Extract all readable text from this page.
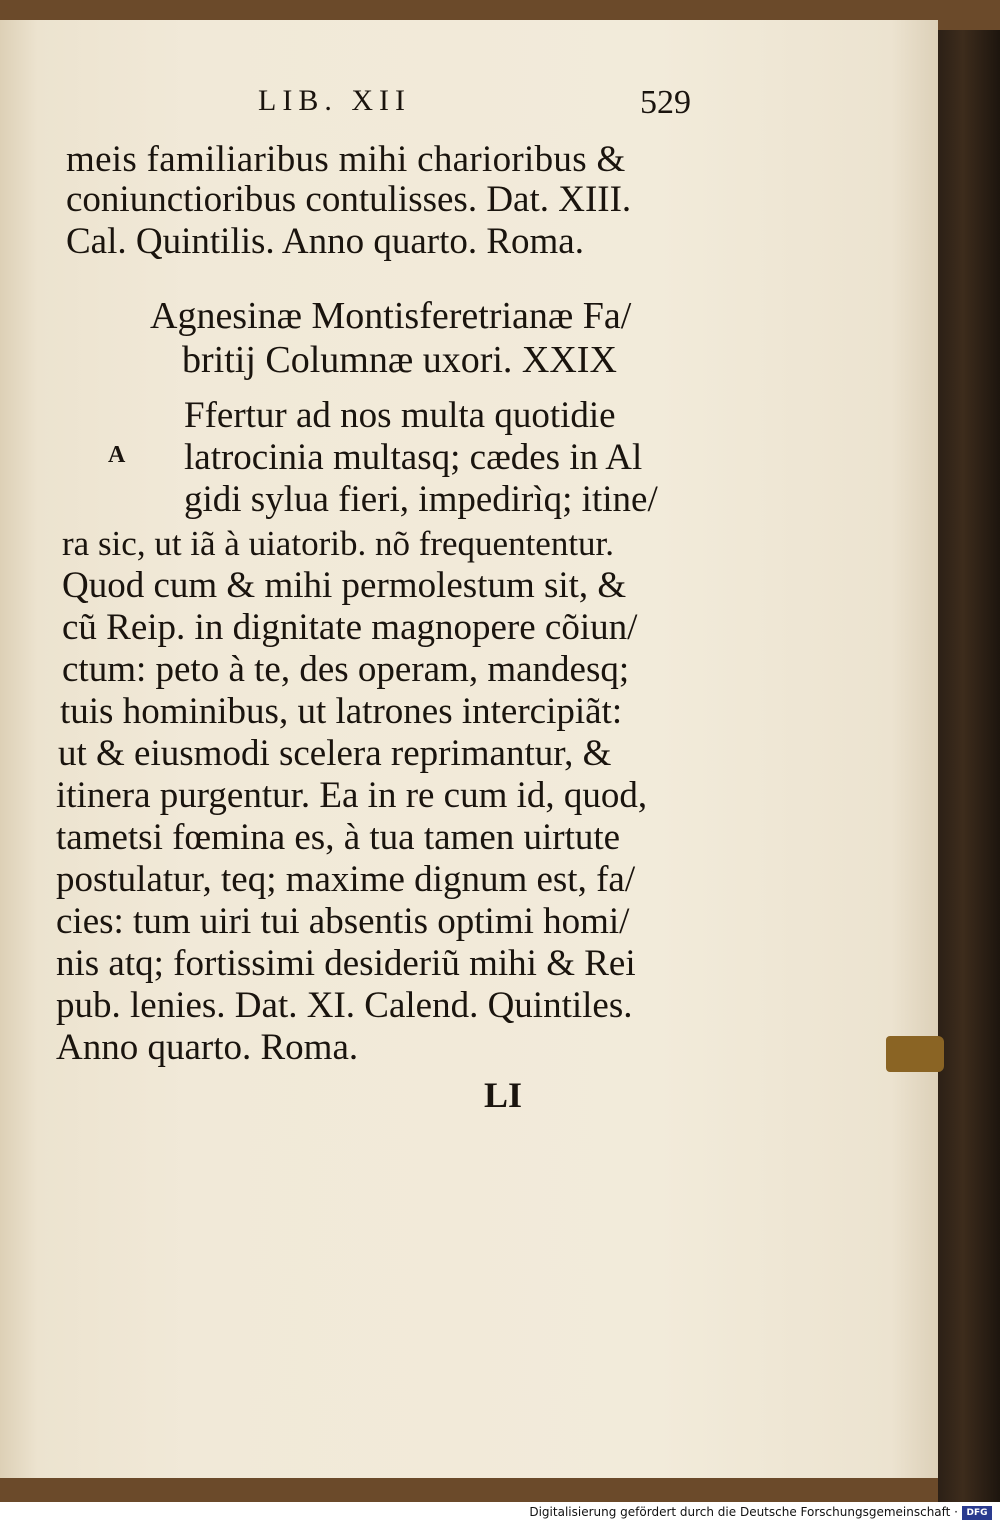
LIB. XII	529
meis familiaribus mihi charioribus &
coniunctioribus contulisses. Dat. XIII.
Cal. Quintilis. Anno quarto. Roma.
Agnesinæ Montisferetrianæ Fa/
britij Columnæ uxori. XXIX
A
Ffertur ad nos multa quotidie
latrocinia multasq; cædes in Al
gidi sylua fieri, impedirìq; itine/
ra sic, ut iã à uiatorib. nõ frequententur.
Quod cum & mihi permolestum sit, &
cũ Reip. in dignitate magnopere cõiun/
ctum: peto à te, des operam, mandesq;
tuis hominibus, ut latrones intercipiãt:
ut & eiusmodi scelera reprimantur, &
itinera purgentur. Ea in re cum id, quod,
tametsi fœmina es, à tua tamen uirtute
postulatur, teq; maxime dignum est, fa/
cies: tum uiri tui absentis optimi homi/
nis atq; fortissimi desideriũ mihi & Rei
pub. lenies. Dat. XI. Calend. Quintiles.
Anno quarto. Roma.
LI
Digitalisierung gefördert durch die Deutsche Forschungsgemeinschaft · DFG
